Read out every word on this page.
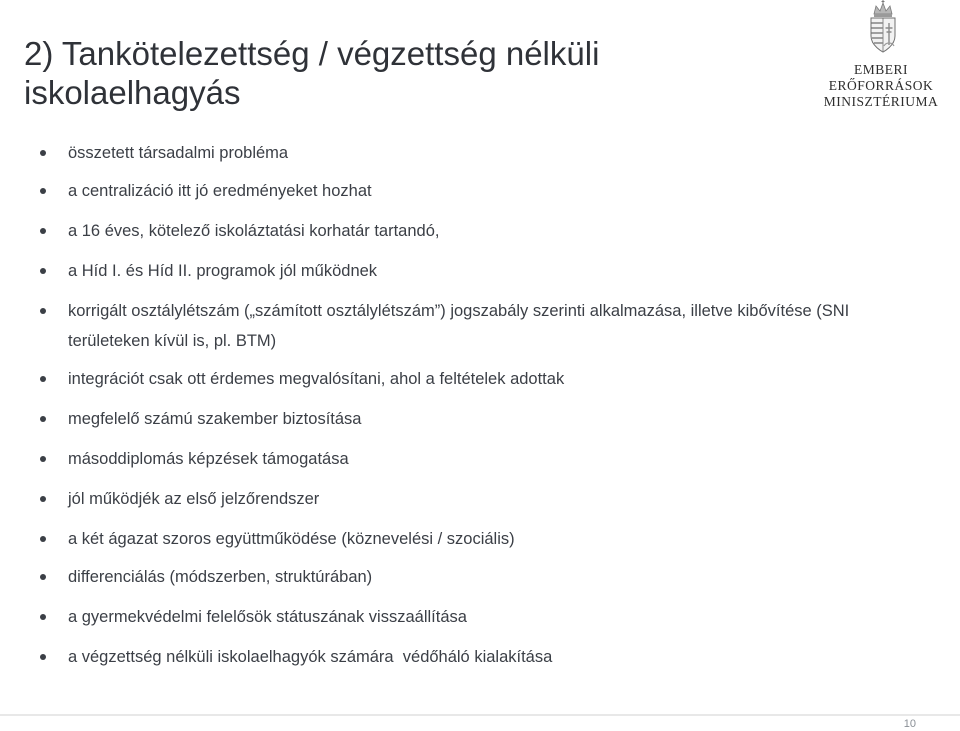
2) Tankötelezettség / végzettség nélküli
iskolaelhagyás
EMBERI ERŐFORRÁSOK
MINISZTÉRIUMA
összetett társadalmi probléma
a centralizáció itt jó eredményeket hozhat
a 16 éves, kötelező iskoláztatási korhatár tartandó,
a Híd I. és Híd II. programok jól működnek
korrigált osztálylétszám („számított osztálylétszám”) jogszabály szerinti alkalmazása, illetve kibővítése (SNI területeken kívül is, pl. BTM)
integrációt csak ott érdemes megvalósítani, ahol a feltételek adottak
megfelelő számú szakember biztosítása
másoddiplomás képzések támogatása
jól működjék az első jelzőrendszer
a két ágazat szoros együttműködése (köznevelési / szociális)
differenciálás (módszerben, struktúrában)
a gyermekvédelmi felelősök státuszának visszaállítása
a végzettség nélküli iskolaelhagyók számára  védőháló kialakítása
10
